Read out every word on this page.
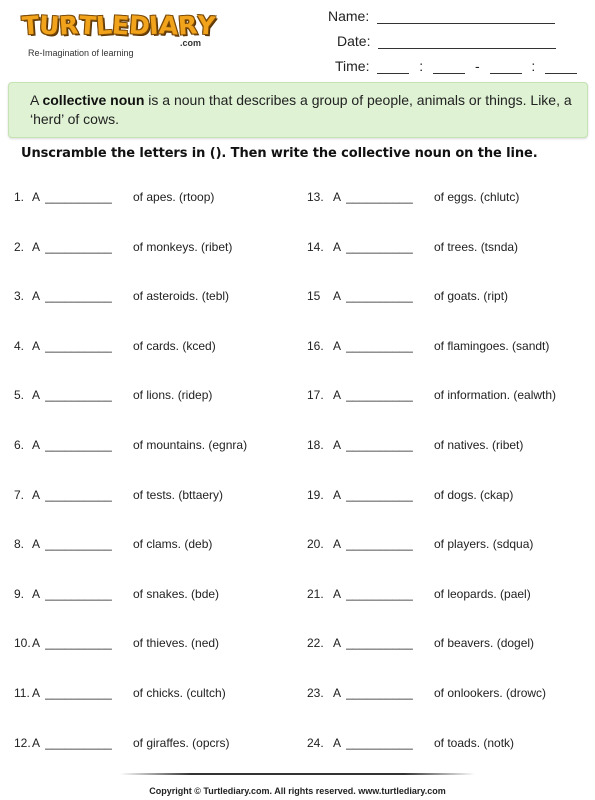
T
U
R
T
L
E
D
I
A
R
Y
.com
Re-Imagination of learning
Name:
Date:
Time:	:	-	:
A collective noun is a noun that describes a group of people, animals or things. Like, a ‘herd’ of cows.
Unscramble the letters in (). Then write the collective noun on the line.
1. A __________ of apes. (rtoop)
2. A __________ of monkeys. (ribet)
3. A __________ of asteroids. (tebl)
4. A __________ of cards. (kced)
5. A __________ of lions. (ridep)
6. A __________ of mountains. (egnra)
7. A __________ of tests. (bttaery)
8. A __________ of clams. (deb)
9. A __________ of snakes. (bde)
10.A __________ of thieves. (ned)
11. A __________ of chicks. (cultch)
12.A __________ of giraffes. (opcrs)
13. A __________ of eggs. (chlutc)
14. A __________ of trees. (tsnda)
15 A __________ of goats. (ript)
16. A __________ of flamingoes. (sandt)
17. A __________ of information. (ealwth)
18. A __________ of natives. (ribet)
19. A __________ of dogs. (ckap)
20. A __________ of players. (sdqua)
21. A __________ of leopards. (pael)
22. A __________ of beavers. (dogel)
23. A __________ of onlookers. (drowc)
24. A __________ of toads. (notk)
Copyright © Turtlediary.com. All rights reserved. www.turtlediary.com
